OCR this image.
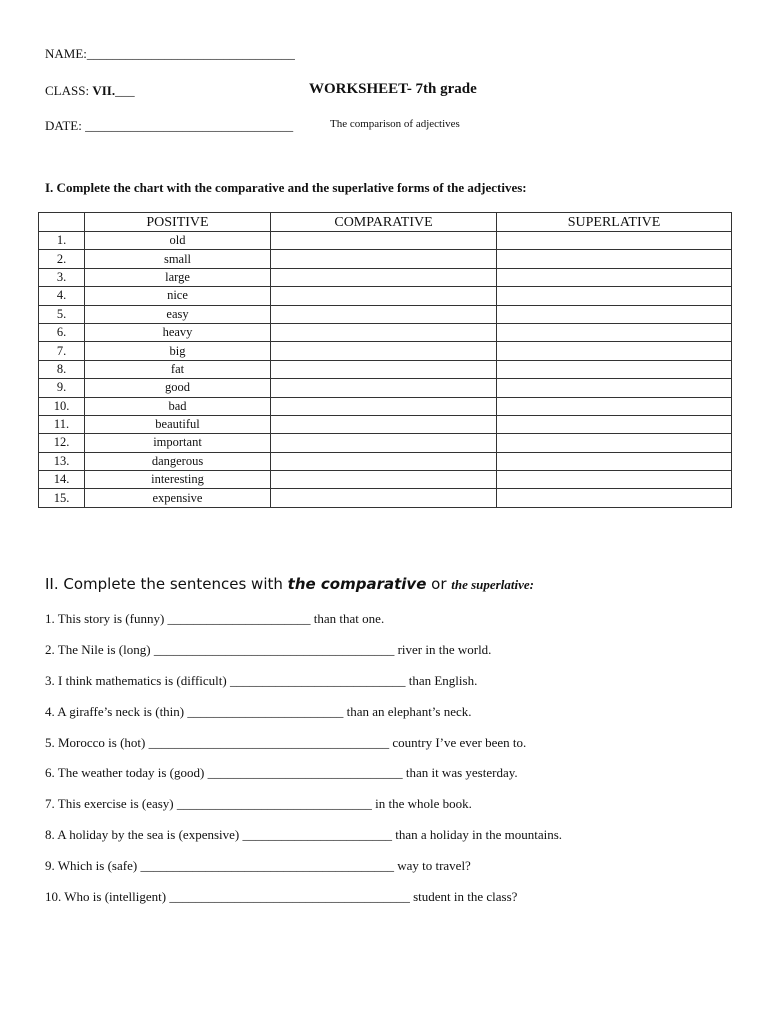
NAME:________________________________
CLASS: VII.___
DATE: ________________________________
WORKSHEET- 7th grade
The comparison of adjectives
I. Complete the chart with the comparative and the superlative forms of the adjectives:
	POSITIVE	COMPARATIVE	SUPERLATIVE
1.	old		
2.	small		
3.	large		
4.	nice		
5.	easy		
6.	heavy		
7.	big		
8.	fat		
9.	good		
10.	bad		
11.	beautiful		
12.	important		
13.	dangerous		
14.	interesting		
15.	expensive		
II. Complete the sentences with the comparative or the superlative:
1. This story is (funny) ______________________ than that one.
2. The Nile is (long) _____________________________________ river in the world.
3. I think mathematics is (difficult) ___________________________ than English.
4. A giraffe’s neck is (thin) ________________________ than an elephant’s neck.
5. Morocco is (hot) _____________________________________ country I’ve ever been to.
6. The weather today is (good) ______________________________ than it was yesterday.
7. This exercise is (easy) ______________________________ in the whole book.
8. A holiday by the sea is (expensive) _______________________ than a holiday in the mountains.
9. Which is (safe) _______________________________________ way to travel?
10. Who is (intelligent) _____________________________________ student in the class?
